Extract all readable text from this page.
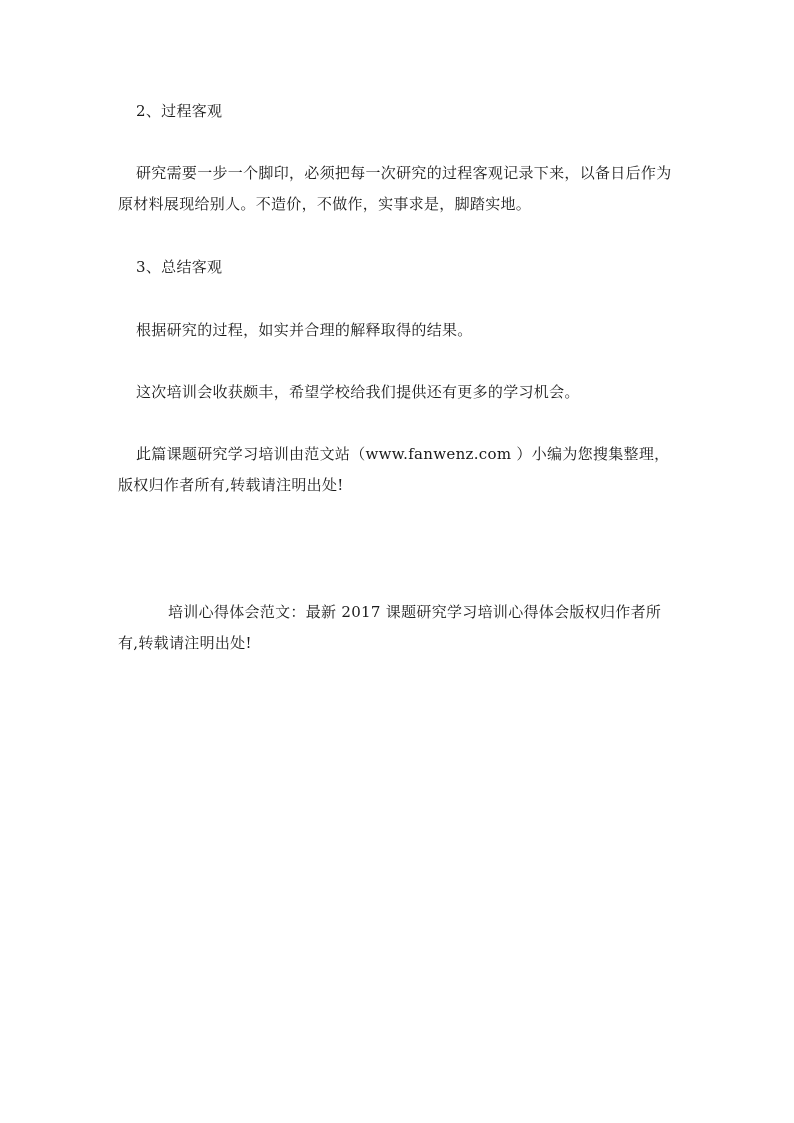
2、过程客观

研究需要一步一个脚印，必须把每一次研究的过程客观记录下来，以备日后作为原材料展现给别人。不造价，不做作，实事求是，脚踏实地。

3、总结客观

根据研究的过程，如实并合理的解释取得的结果。

这次培训会收获颇丰，希望学校给我们提供还有更多的学习机会。

此篇课题研究学习培训由范文站（www.fanwenz.com ）小编为您搜集整理，版权归作者所有,转载请注明出处!

培训心得体会范文：最新 2017 课题研究学习培训心得体会版权归作者所有,转载请注明出处!
